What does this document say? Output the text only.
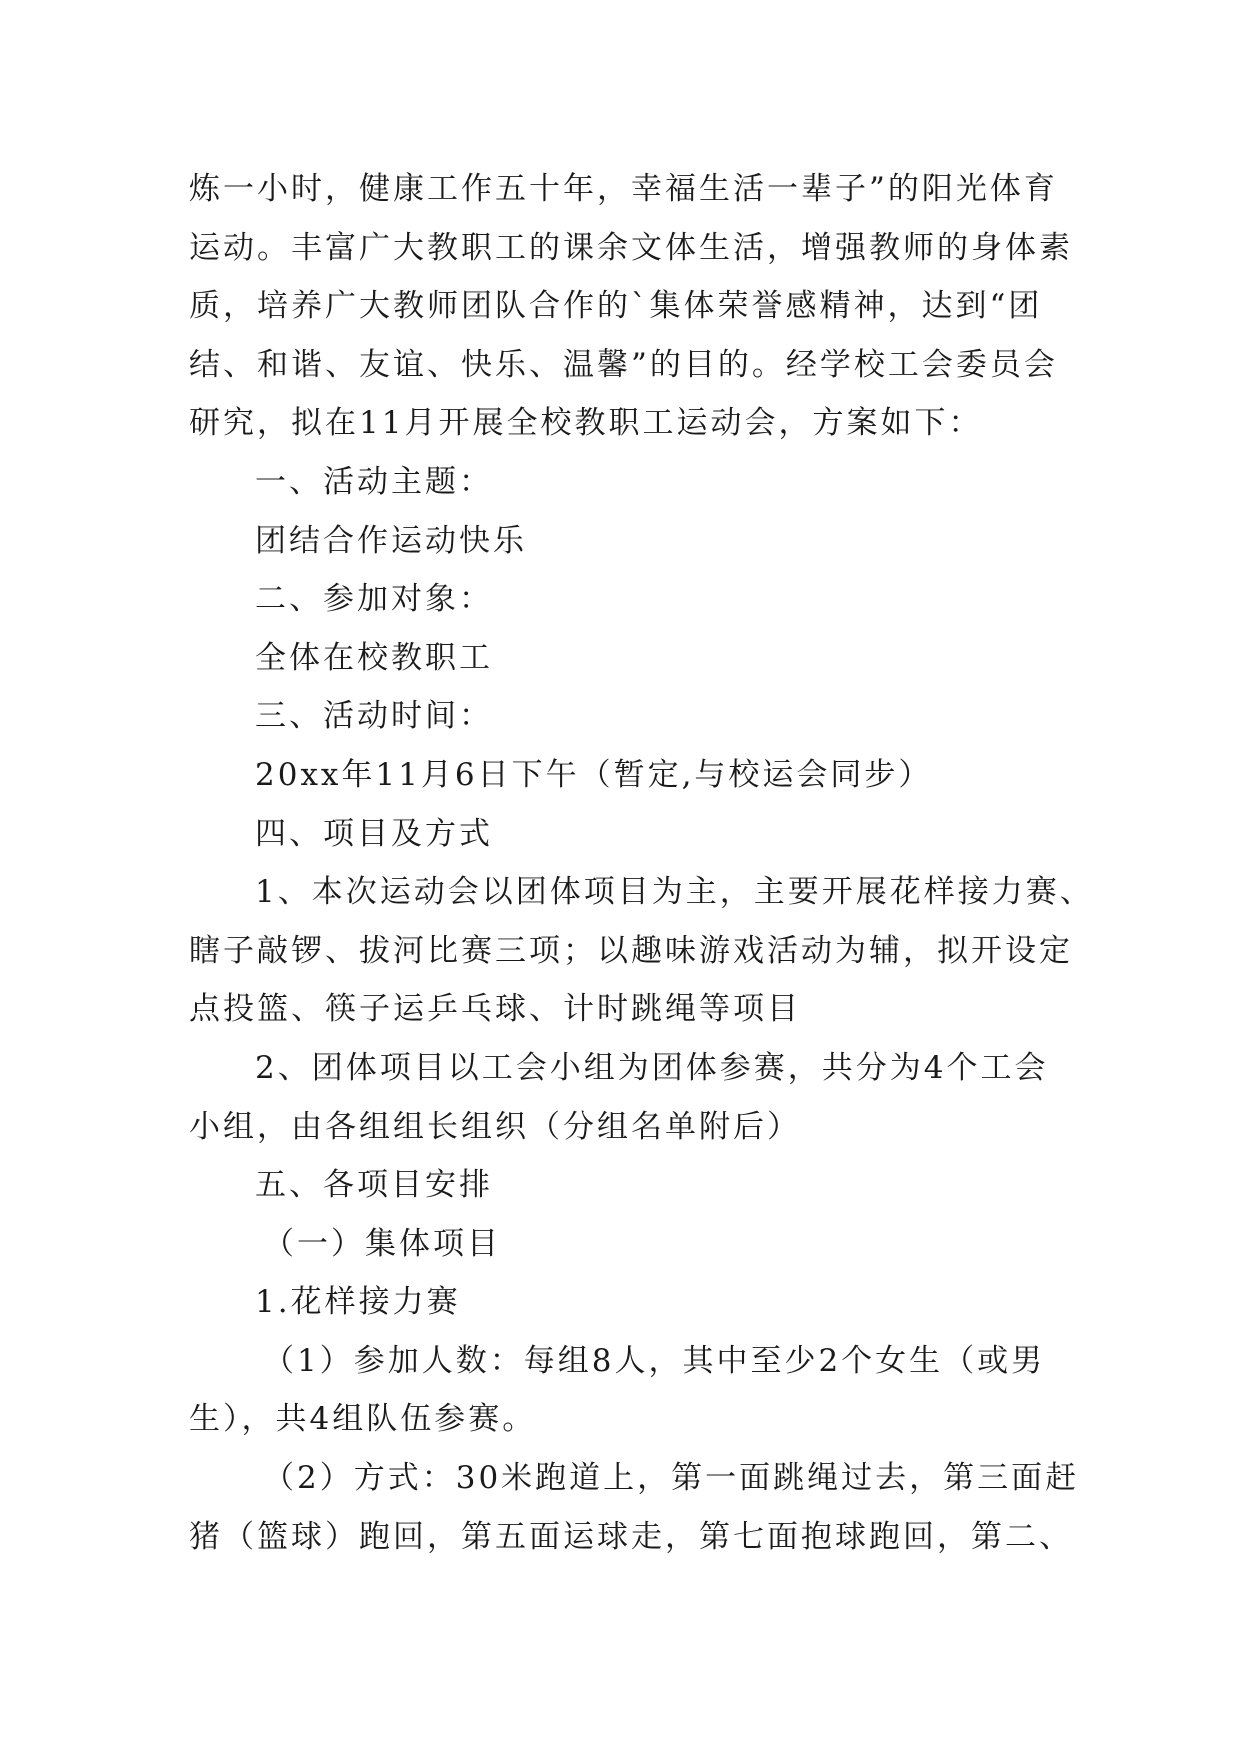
炼一小时，健康工作五十年，幸福生活一辈子”的阳光体育
运动。丰富广大教职工的课余文体生活，增强教师的身体素
质，培养广大教师团队合作的`集体荣誉感精神，达到“团
结、和谐、友谊、快乐、温馨”的目的。经学校工会委员会
研究，拟在11月开展全校教职工运动会，方案如下：
一、活动主题：
团结合作运动快乐
二、参加对象：
全体在校教职工
三、活动时间：
20xx年11月6日下午（暂定,与校运会同步）
四、项目及方式
1、本次运动会以团体项目为主，主要开展花样接力赛、
瞎子敲锣、拔河比赛三项；以趣味游戏活动为辅，拟开设定
点投篮、筷子运乒乓球、计时跳绳等项目
2、团体项目以工会小组为团体参赛，共分为4个工会
小组，由各组组长组织（分组名单附后）
五、各项目安排
（一）集体项目
1.花样接力赛
（1）参加人数：每组8人，其中至少2个女生（或男
生），共4组队伍参赛。
（2）方式：30米跑道上，第一面跳绳过去，第三面赶
猪（篮球）跑回，第五面运球走，第七面抱球跑回，第二、
